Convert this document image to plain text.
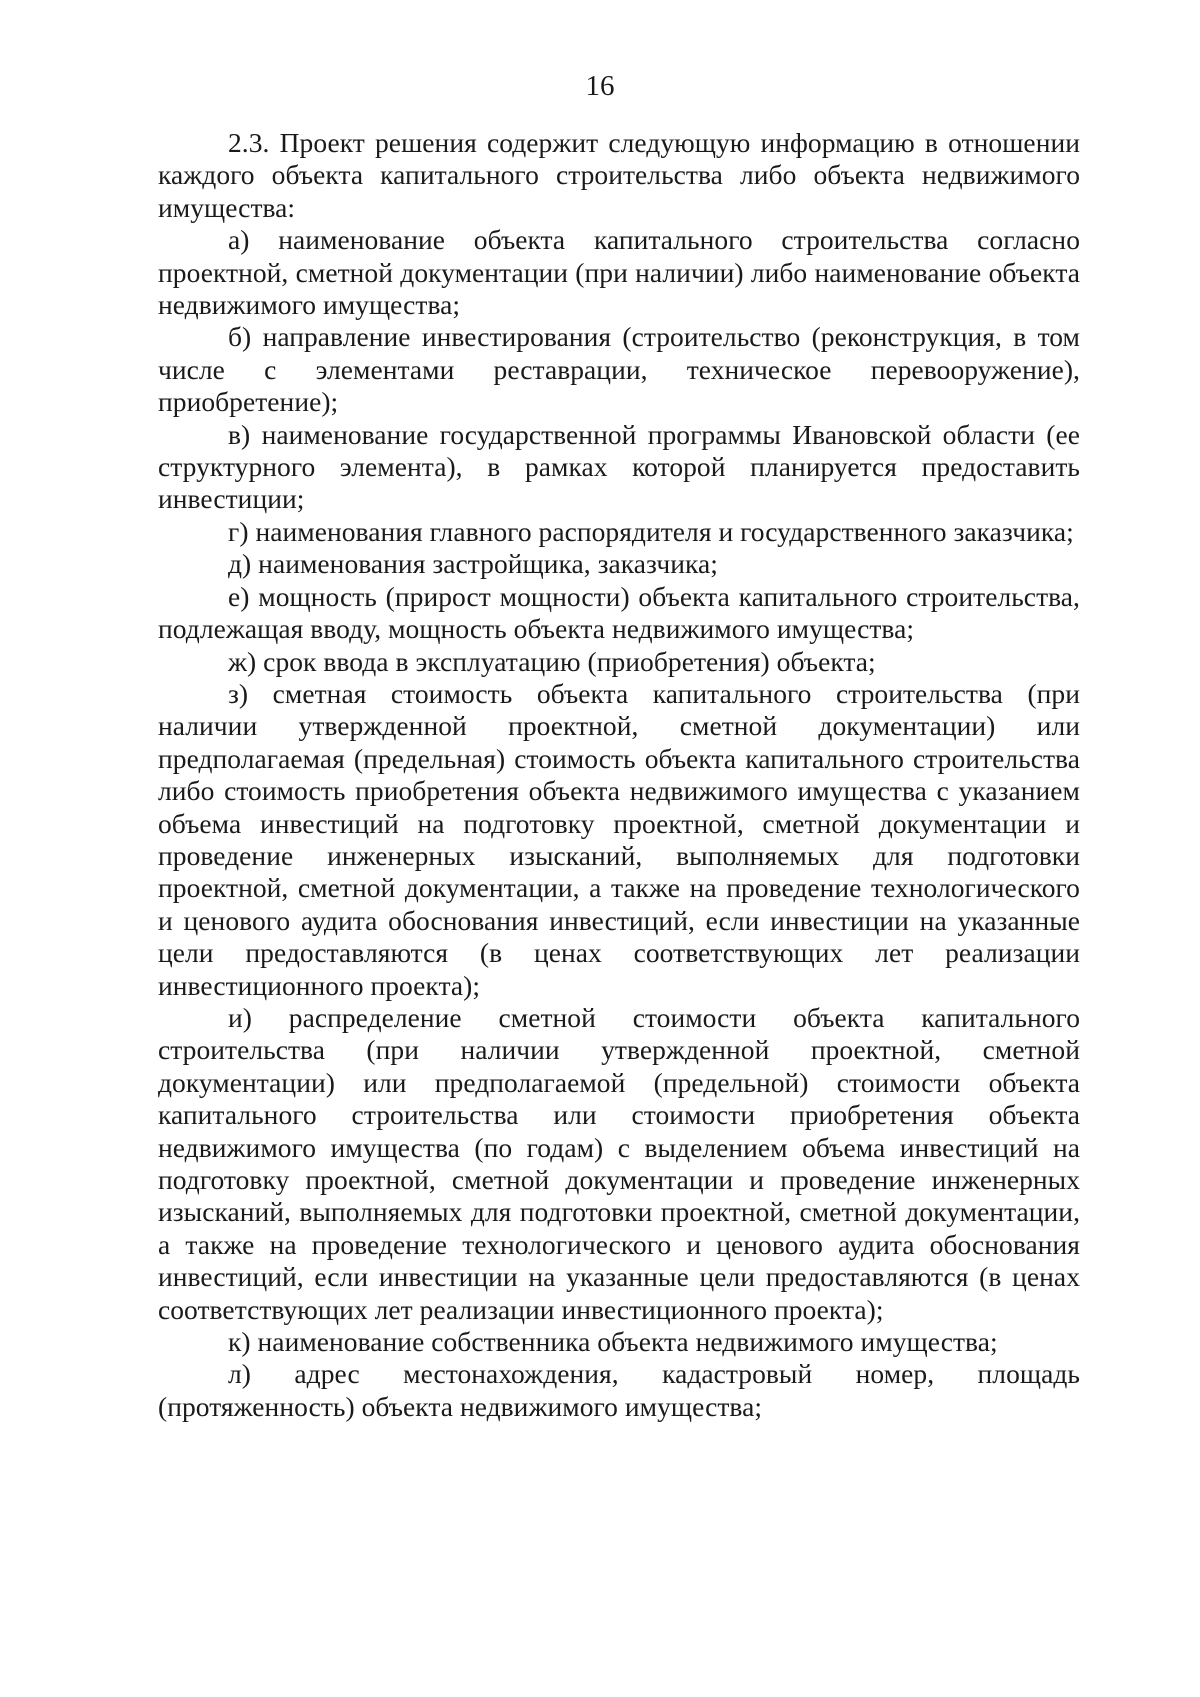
16

2.3. Проект решения содержит следующую информацию в отношении каждого объекта капитального строительства либо объекта недвижимого имущества:

а) наименование объекта капитального строительства согласно проектной, сметной документации (при наличии) либо наименование объекта недвижимого имущества;

б) направление инвестирования (строительство (реконструкция, в том числе с элементами реставрации, техническое перевооружение), приобретение);

в) наименование государственной программы Ивановской области (ее структурного элемента), в рамках которой планируется предоставить инвестиции;

г) наименования главного распорядителя и государственного заказчика;

д) наименования застройщика, заказчика;

е) мощность (прирост мощности) объекта капитального строительства, подлежащая вводу, мощность объекта недвижимого имущества;

ж) срок ввода в эксплуатацию (приобретения) объекта;

з) сметная стоимость объекта капитального строительства (при наличии утвержденной проектной, сметной документации) или предполагаемая (предельная) стоимость объекта капитального строительства либо стоимость приобретения объекта недвижимого имущества с указанием объема инвестиций на подготовку проектной, сметной документации и проведение инженерных изысканий, выполняемых для подготовки проектной, сметной документации, а также на проведение технологического и ценового аудита обоснования инвестиций, если инвестиции на указанные цели предоставляются (в ценах соответствующих лет реализации инвестиционного проекта);

и) распределение сметной стоимости объекта капитального строительства (при наличии утвержденной проектной, сметной документации) или предполагаемой (предельной) стоимости объекта капитального строительства или стоимости приобретения объекта недвижимого имущества (по годам) с выделением объема инвестиций на подготовку проектной, сметной документации и проведение инженерных изысканий, выполняемых для подготовки проектной, сметной документации, а также на проведение технологического и ценового аудита обоснования инвестиций, если инвестиции на указанные цели предоставляются (в ценах соответствующих лет реализации инвестиционного проекта);

к) наименование собственника объекта недвижимого имущества;

л) адрес местонахождения, кадастровый номер, площадь (протяженность) объекта недвижимого имущества;
